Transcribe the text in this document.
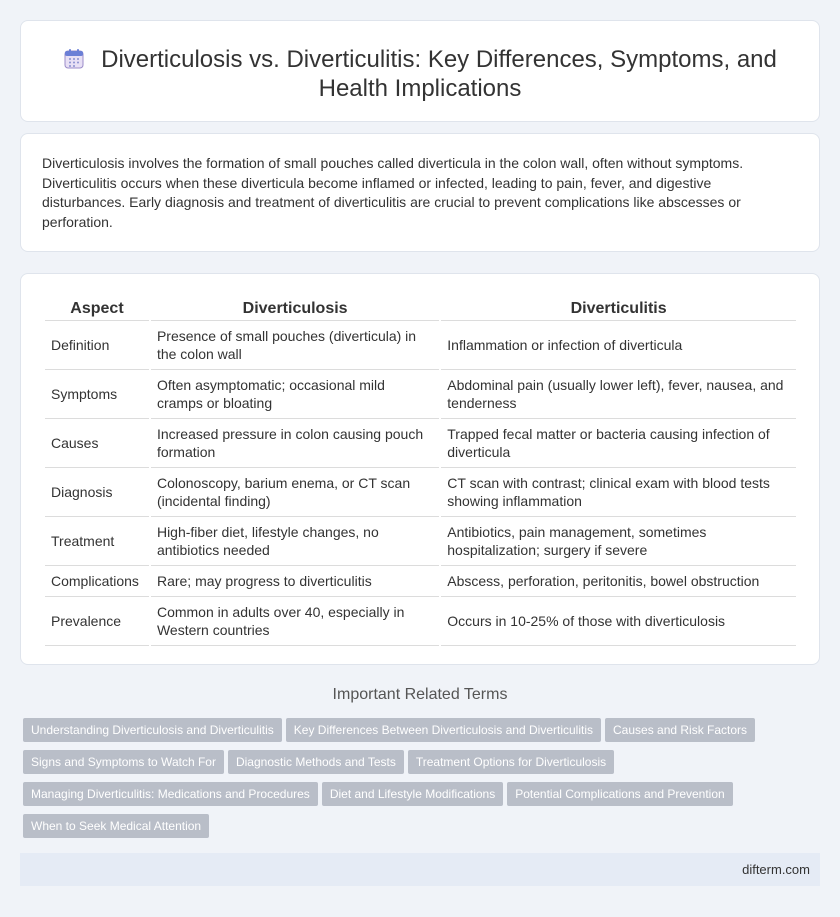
Diverticulosis vs. Diverticulitis: Key Differences, Symptoms, and Health Implications

Diverticulosis involves the formation of small pouches called diverticula in the colon wall, often without symptoms. Diverticulitis occurs when these diverticula become inflamed or infected, leading to pain, fever, and digestive disturbances. Early diagnosis and treatment of diverticulitis are crucial to prevent complications like abscesses or perforation.

Aspect	Diverticulosis	Diverticulitis
Definition	Presence of small pouches (diverticula) in the colon wall	Inflammation or infection of diverticula
Symptoms	Often asymptomatic; occasional mild cramps or bloating	Abdominal pain (usually lower left), fever, nausea, and tenderness
Causes	Increased pressure in colon causing pouch formation	Trapped fecal matter or bacteria causing infection of diverticula
Diagnosis	Colonoscopy, barium enema, or CT scan (incidental finding)	CT scan with contrast; clinical exam with blood tests showing inflammation
Treatment	High-fiber diet, lifestyle changes, no antibiotics needed	Antibiotics, pain management, sometimes hospitalization; surgery if severe
Complications	Rare; may progress to diverticulitis	Abscess, perforation, peritonitis, bowel obstruction
Prevalence	Common in adults over 40, especially in Western countries	Occurs in 10-25% of those with diverticulosis
Important Related Terms
Understanding Diverticulosis and Diverticulitis Key Differences Between Diverticulosis and Diverticulitis Causes and Risk Factors
Signs and Symptoms to Watch For Diagnostic Methods and Tests Treatment Options for Diverticulosis
Managing Diverticulitis: Medications and Procedures Diet and Lifestyle Modifications Potential Complications and Prevention
When to Seek Medical Attention
difterm.com
